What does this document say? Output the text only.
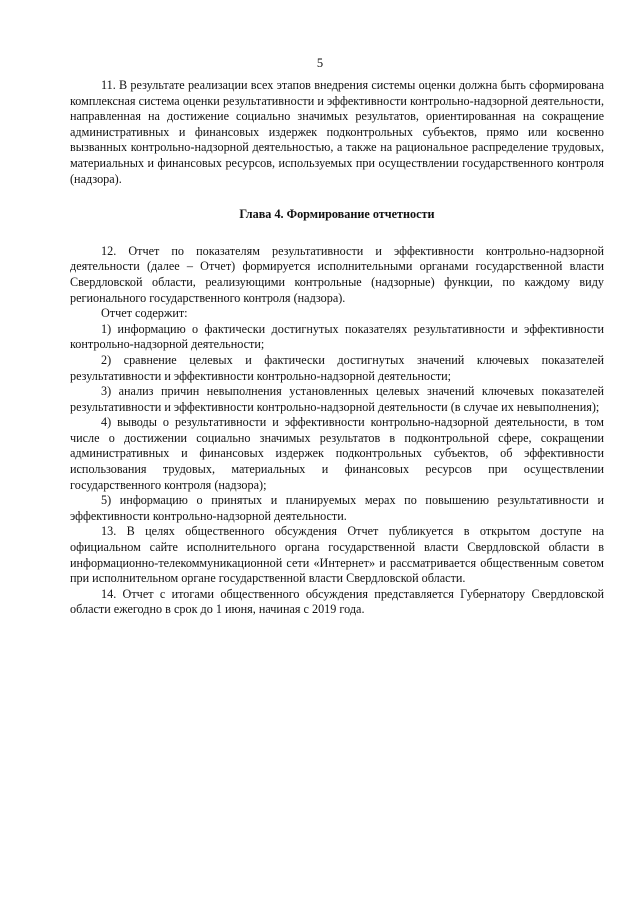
5

11. В результате реализации всех этапов внедрения системы оценки должна быть сформирована комплексная система оценки результативности и эффективности контрольно-надзорной деятельности, направленная на достижение социально значимых результатов, ориентированная на сокращение административных и финансовых издержек подконтрольных субъектов, прямо или косвенно вызванных контрольно-надзорной деятельностью, а также на рациональное распределение трудовых, материальных и финансовых ресурсов, используемых при осуществлении государственного контроля (надзора).

Глава 4. Формирование отчетности

12. Отчет по показателям результативности и эффективности контрольно-надзорной деятельности (далее – Отчет) формируется исполнительными органами государственной власти Свердловской области, реализующими контрольные (надзорные) функции, по каждому виду регионального государственного контроля (надзора).

Отчет содержит:

1) информацию о фактически достигнутых показателях результативности и эффективности контрольно-надзорной деятельности;

2) сравнение целевых и фактически достигнутых значений ключевых показателей результативности и эффективности контрольно-надзорной деятельности;

3) анализ причин невыполнения установленных целевых значений ключевых показателей результативности и эффективности контрольно-надзорной деятельности (в случае их невыполнения);

4) выводы о результативности и эффективности контрольно-надзорной деятельности, в том числе о достижении социально значимых результатов в подконтрольной сфере, сокращении административных и финансовых издержек подконтрольных субъектов, об эффективности использования трудовых, материальных и финансовых ресурсов при осуществлении государственного контроля (надзора);

5) информацию о принятых и планируемых мерах по повышению результативности и эффективности контрольно-надзорной деятельности.

13. В целях общественного обсуждения Отчет публикуется в открытом доступе на официальном сайте исполнительного органа государственной власти Свердловской области в информационно-телекоммуникационной сети «Интернет» и рассматривается общественным советом при исполнительном органе государственной власти Свердловской области.

14. Отчет с итогами общественного обсуждения представляется Губернатору Свердловской области ежегодно в срок до 1 июня, начиная с 2019 года.
